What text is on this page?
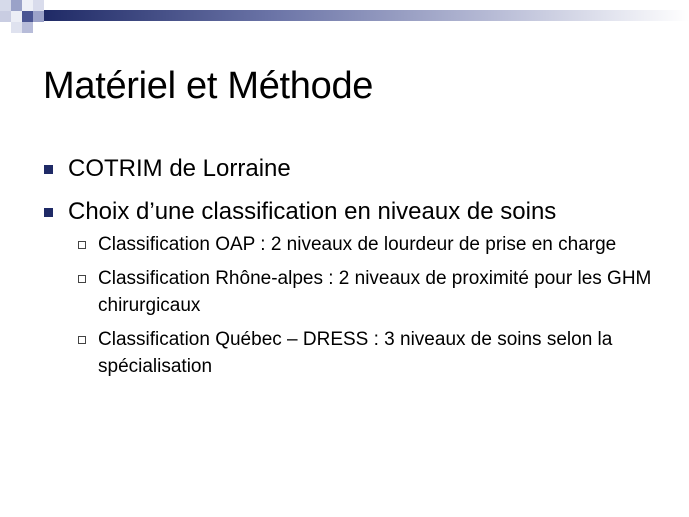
Matériel et Méthode
COTRIM de Lorraine
Choix d’une classification en niveaux de soins
Classification OAP : 2 niveaux de lourdeur de prise en charge
Classification Rhône-alpes : 2 niveaux de proximité pour les GHM chirurgicaux
Classification Québec – DRESS : 3 niveaux de soins selon la spécialisation
